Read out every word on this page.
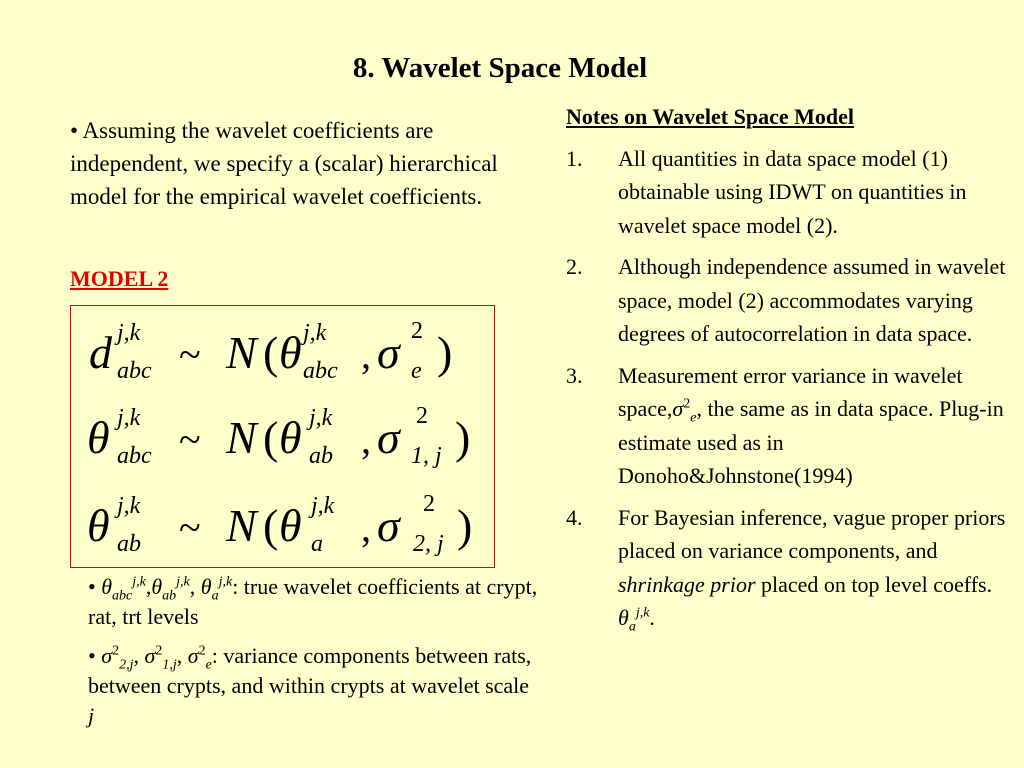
8. Wavelet Space Model
• Assuming the wavelet coefficients are independent, we specify a (scalar) hierarchical model for the empirical wavelet coefficients.
MODEL 2
d j,k
abc ~ N ( θ j,k
abc , σ 2
e )
θ j,k
abc ~ N ( θ j,k
ab , σ 2
1, j )
θ j,k
ab ~ N ( θ j,k
a , σ 2
2, j )

• $\theta_{abc}^{j,k},\theta_{ab}^{j,k}$, $\theta_a^{j,k}$: true wavelet coefficients at crypt, rat, trt levels

• $\sigma^2_{2,j}$, $\sigma^2_{1,j}$, $\sigma^2_e$: variance components between rats, between crypts, and within crypts at wavelet scale j

Notes on Wavelet Space Model
1. All quantities in data space model (1) obtainable using IDWT on quantities in wavelet space model (2).
2. Although independence assumed in wavelet space, model (2) accommodates varying degrees of autocorrelation in data space.
3. Measurement error variance in wavelet $space,\sigma^2_e$, the same as in data space. Plug-in estimate used as in Donoho&Johnstone(1994)
4. For Bayesian inference, vague proper priors placed on variance components, and shrinkage prior placed on top level coeffs. $\theta_a^{j,k}$.
